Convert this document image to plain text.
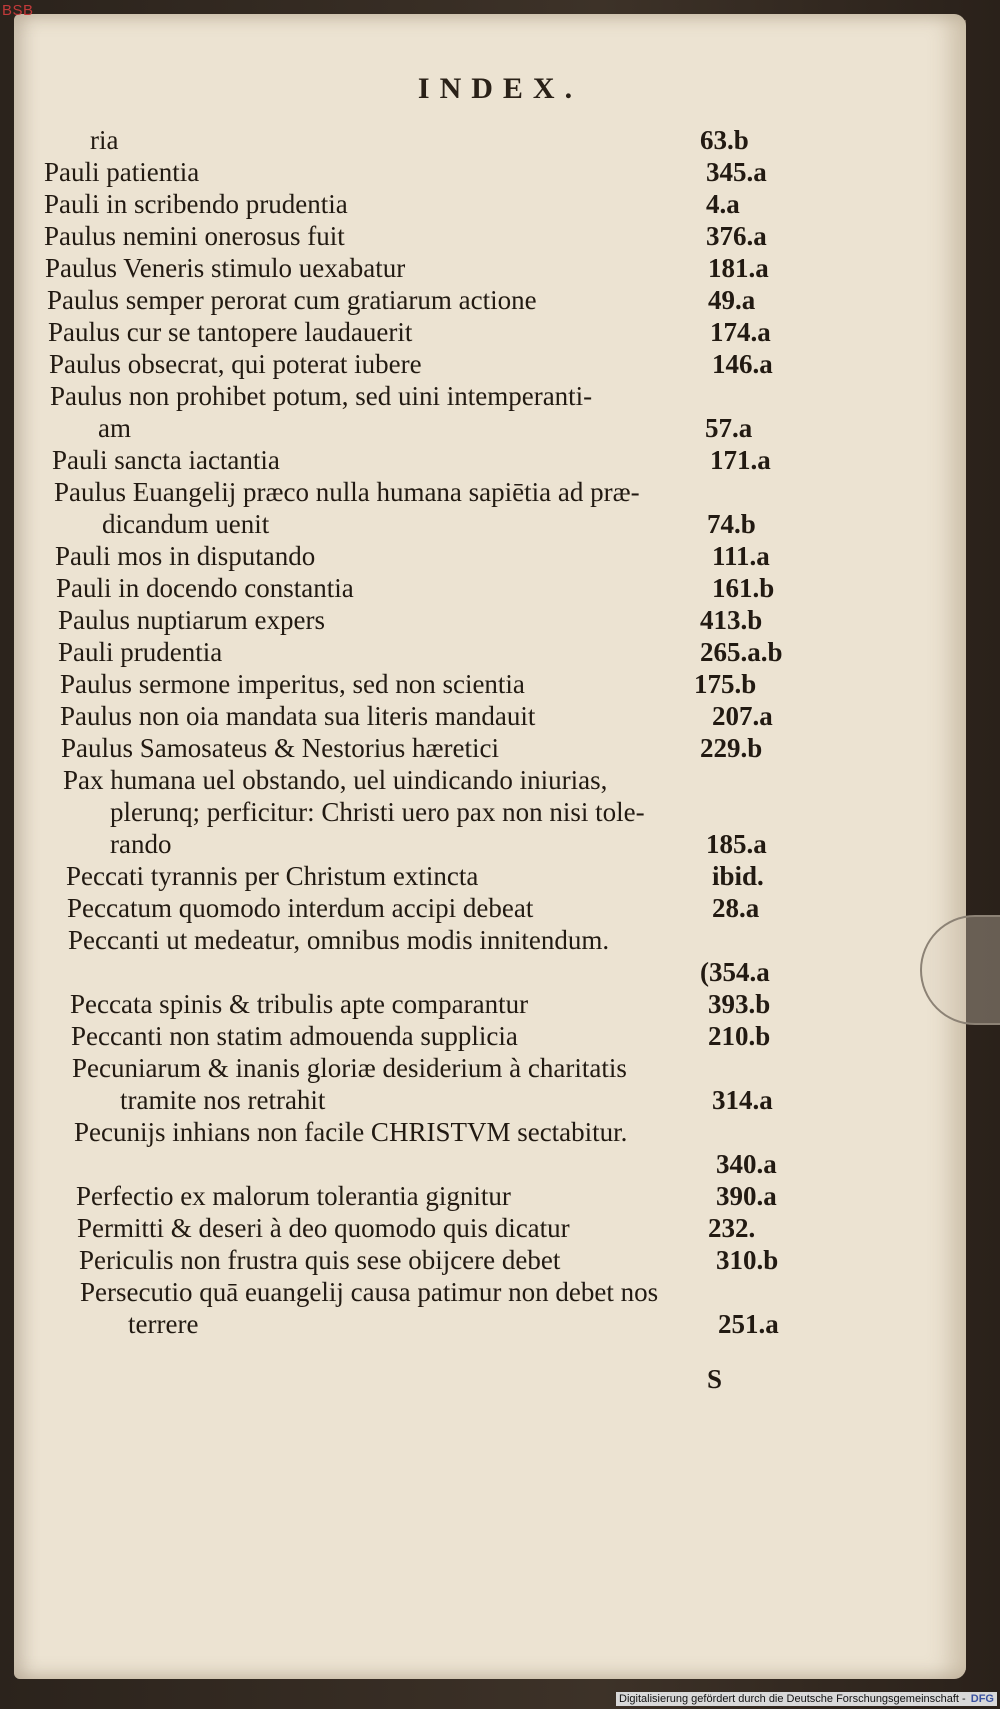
BSB
INDEX.
ria	63.b
Pauli patientia	345.a
Pauli in scribendo prudentia	4.a
Paulus nemini onerosus fuit	376.a
Paulus Veneris stimulo uexabatur	181.a
Paulus semper perorat cum gratiarum actione	49.a
Paulus cur se tantopere laudauerit	174.a
Paulus obsecrat, qui poterat iubere	146.a
Paulus non prohibet potum, sed uini intemperanti-
am	57.a
Pauli sancta iactantia	171.a
Paulus Euangelij præco nulla humana sapiētia ad præ-
dicandum uenit	74.b
Pauli mos in disputando	111.a
Pauli in docendo constantia	161.b
Paulus nuptiarum expers	413.b
Pauli prudentia	265.a.b
Paulus sermone imperitus, sed non scientia	175.b
Paulus non oia mandata sua literis mandauit	207.a
Paulus Samosateus & Nestorius hæretici	229.b
Pax humana uel obstando, uel uindicando iniurias,
plerunq; perficitur: Christi uero pax non nisi tole-
rando	185.a
Peccati tyrannis per Christum extincta	ibid.
Peccatum quomodo interdum accipi debeat	28.a
Peccanti ut medeatur, omnibus modis innitendum.
(354.a
Peccata spinis & tribulis apte comparantur	393.b
Peccanti non statim admouenda supplicia	210.b
Pecuniarum & inanis gloriæ desiderium à charitatis
tramite nos retrahit	314.a
Pecunijs inhians non facile CHRISTVM sectabitur.
340.a
Perfectio ex malorum tolerantia gignitur	390.a
Permitti & deseri à deo quomodo quis dicatur	232.
Periculis non frustra quis sese obijcere debet	310.b
Persecutio quā euangelij causa patimur non debet nos
terrere	251.a
S
Digitalisierung gefördert durch die Deutsche Forschungsgemeinschaft - DFG
